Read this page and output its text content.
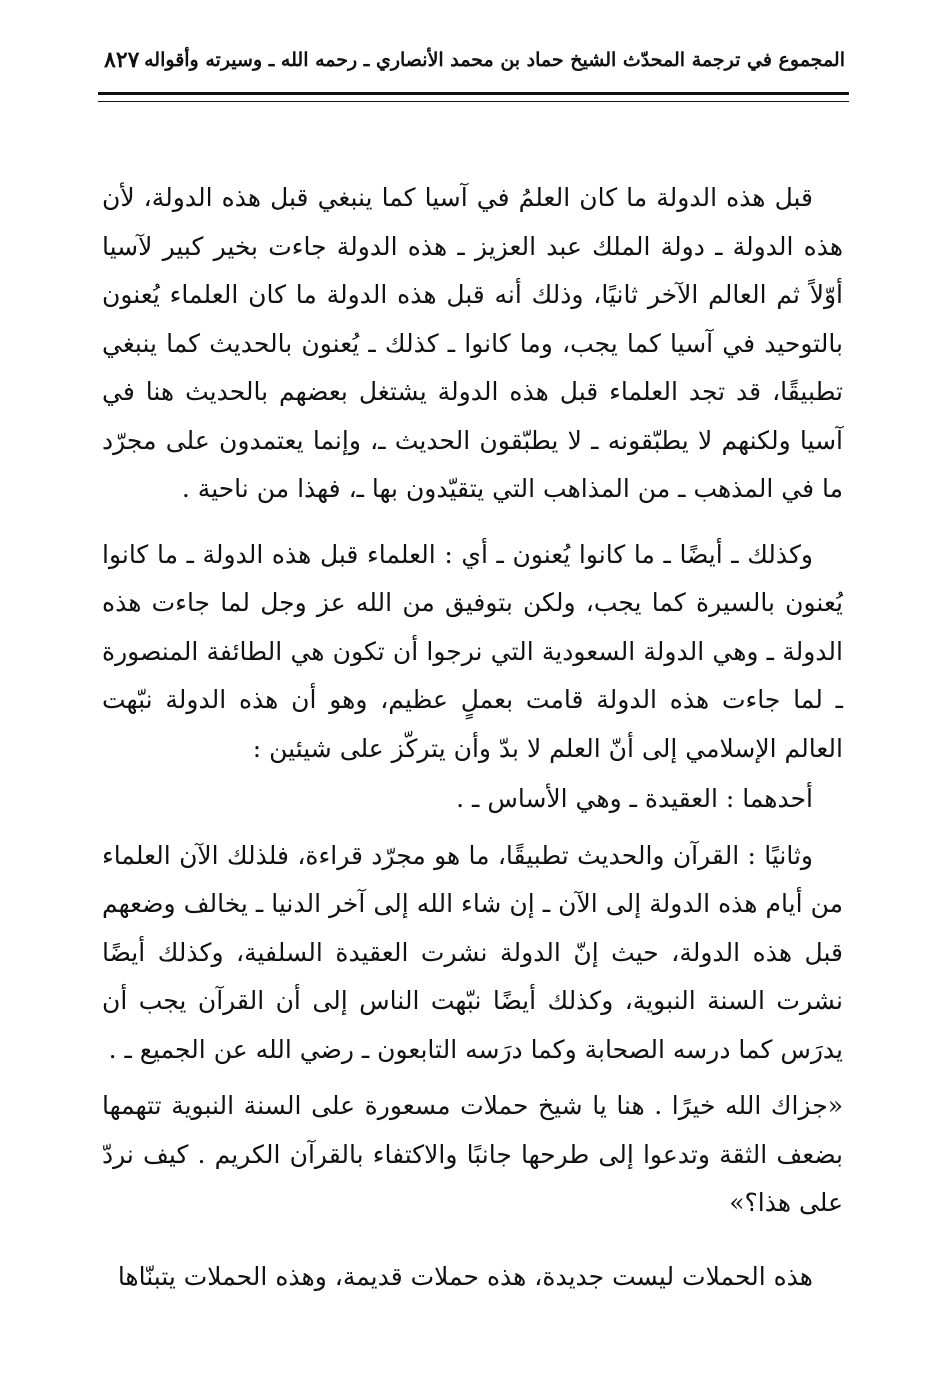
المجموع في ترجمة المحدّث الشيخ حماد بن محمد الأنصاري ـ رحمه الله ـ وسيرته وأقواله
٨٢٧

قبل هذه الدولة ما كان العلمُ في آسيا كما ينبغي قبل هذه الدولة، لأن هذه الدولة ـ دولة الملك عبد العزيز ـ هذه الدولة جاءت بخير كبير لآسيا أوّلاً ثم العالم الآخر ثانيًا، وذلك أنه قبل هذه الدولة ما كان العلماء يُعنون بالتوحيد في آسيا كما يجب، وما كانوا ـ كذلك ـ يُعنون بالحديث كما ينبغي تطبيقًا، قد تجد العلماء قبل هذه الدولة يشتغل بعضهم بالحديث هنا في آسيا ولكنهم لا يطبّقونه ـ لا يطبّقون الحديث ـ، وإنما يعتمدون على مجرّد ما في المذهب ـ من المذاهب التي يتقيّدون بها ـ، فهذا من ناحية .

وكذلك ـ أيضًا ـ ما كانوا يُعنون ـ أي : العلماء قبل هذه الدولة ـ ما كانوا يُعنون بالسيرة كما يجب، ولكن بتوفيق من الله عز وجل لما جاءت هذه الدولة ـ وهي الدولة السعودية التي نرجوا أن تكون هي الطائفة المنصورة ـ لما جاءت هذه الدولة قامت بعملٍ عظيم، وهو أن هذه الدولة نبّهت العالم الإسلامي إلى أنّ العلم لا بدّ وأن يتركّز على شيئين :

أحدهما : العقيدة ـ وهي الأساس ـ .

وثانيًا : القرآن والحديث تطبيقًا، ما هو مجرّد قراءة، فلذلك الآن العلماء من أيام هذه الدولة إلى الآن ـ إن شاء الله إلى آخر الدنيا ـ يخالف وضعهم قبل هذه الدولة، حيث إنّ الدولة نشرت العقيدة السلفية، وكذلك أيضًا نشرت السنة النبوية، وكذلك أيضًا نبّهت الناس إلى أن القرآن يجب أن يدرَس كما درسه الصحابة وكما درَسه التابعون ـ رضي الله عن الجميع ـ .

«جزاك الله خيرًا . هنا يا شيخ حملات مسعورة على السنة النبوية تتهمها بضعف الثقة وتدعوا إلى طرحها جانبًا والاكتفاء بالقرآن الكريم . كيف نردّ على هذا؟»

هذه الحملات ليست جديدة، هذه حملات قديمة، وهذه الحملات يتبنّاها
